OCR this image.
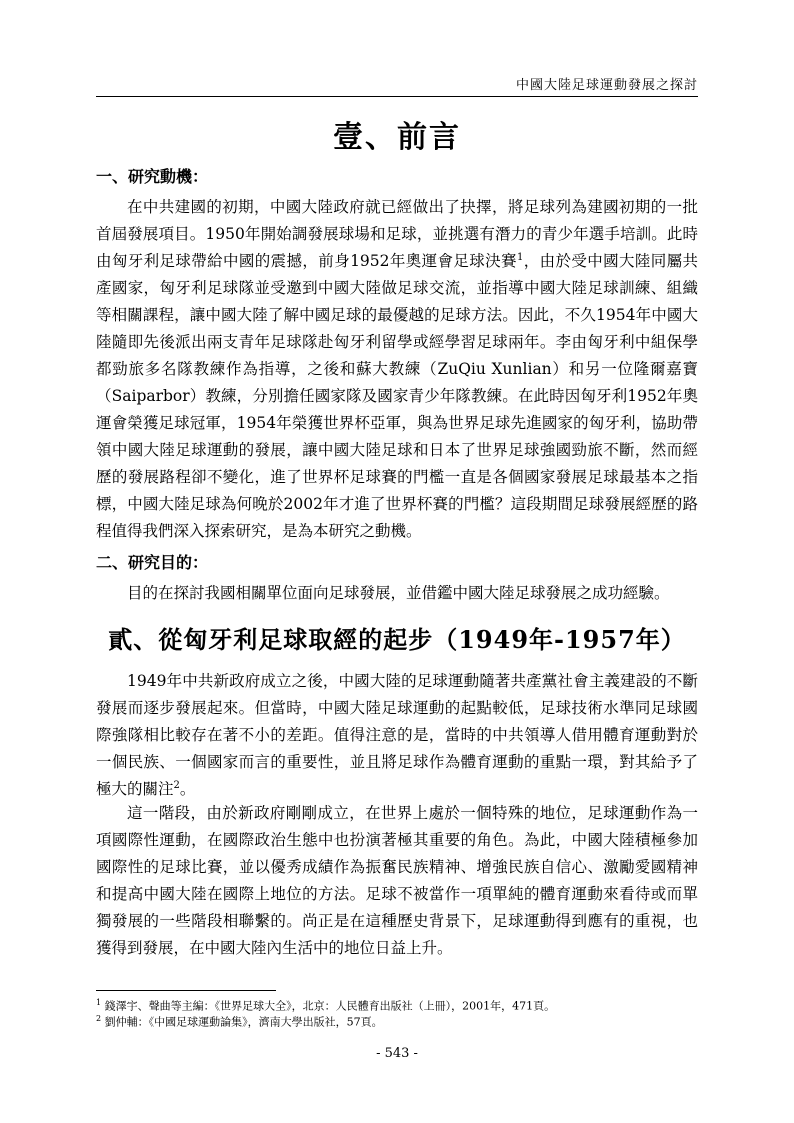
中國大陸足球運動發展之探討
壹、前言
一、研究動機：

在中共建國的初期，中國大陸政府就已經做出了抉擇，將足球列為建國初期的一批首屆發展項目。1950年開始調發展球場和足球，並挑選有潛力的青少年選手培訓。此時由匈牙利足球帶給中國的震撼，前身1952年奧運會足球決賽$^1$，由於受中國大陸同屬共產國家，匈牙利足球隊並受邀到中國大陸做足球交流，並指導中國大陸足球訓練、組織等相關課程，讓中國大陸了解中國足球的最優越的足球方法。因此，不久1954年中國大陸隨即先後派出兩支青年足球隊赴匈牙利留學或經學習足球兩年。李由匈牙利中組保學都勁旅多名隊教練作為指導，之後和蘇大教練（ZuQiu Xunlian）和另一位隆爾嘉寶（Saiparbor）教練，分別擔任國家隊及國家青少年隊教練。在此時因匈牙利1952年奧運會榮獲足球冠軍，1954年榮獲世界杯亞軍，與為世界足球先進國家的匈牙利，協助帶領中國大陸足球運動的發展，讓中國大陸足球和日本了世界足球強國勁旅不斷，然而經歷的發展路程卻不變化，進了世界杯足球賽的門檻一直是各個國家發展足球最基本之指標，中國大陸足球為何晚於2002年才進了世界杯賽的門檻？這段期間足球發展經歷的路程值得我們深入探索研究，是為本研究之動機。

二、研究目的：

目的在探討我國相關單位面向足球發展，並借鑑中國大陸足球發展之成功經驗。

貳、從匈牙利足球取經的起步（1949年-1957年）

1949年中共新政府成立之後，中國大陸的足球運動隨著共產黨社會主義建設的不斷發展而逐步發展起來。但當時，中國大陸足球運動的起點較低，足球技術水準同足球國際強隊相比較存在著不小的差距。值得注意的是，當時的中共領導人借用體育運動對於一個民族、一個國家而言的重要性，並且將足球作為體育運動的重點一環，對其給予了極大的關注$^2$。

這一階段，由於新政府剛剛成立，在世界上處於一個特殊的地位，足球運動作為一項國際性運動，在國際政治生態中也扮演著極其重要的角色。為此，中國大陸積極參加國際性的足球比賽，並以優秀成績作為振奮民族精神、增強民族自信心、激勵愛國精神和提高中國大陸在國際上地位的方法。足球不被當作一項單純的體育運動來看待或而單獨發展的一些階段相聯繫的。尚正是在這種歷史背景下，足球運動得到應有的重視，也獲得到發展，在中國大陸內生活中的地位日益上升。

$^1$ 錢澤宇、聲曲等主編：《世界足球大全》，北京：人民體育出版社（上冊），2001年，471頁。
$^2$ 劉仲輔：《中國足球運動論集》，濟南大學出版社，57頁。
- 543 -
